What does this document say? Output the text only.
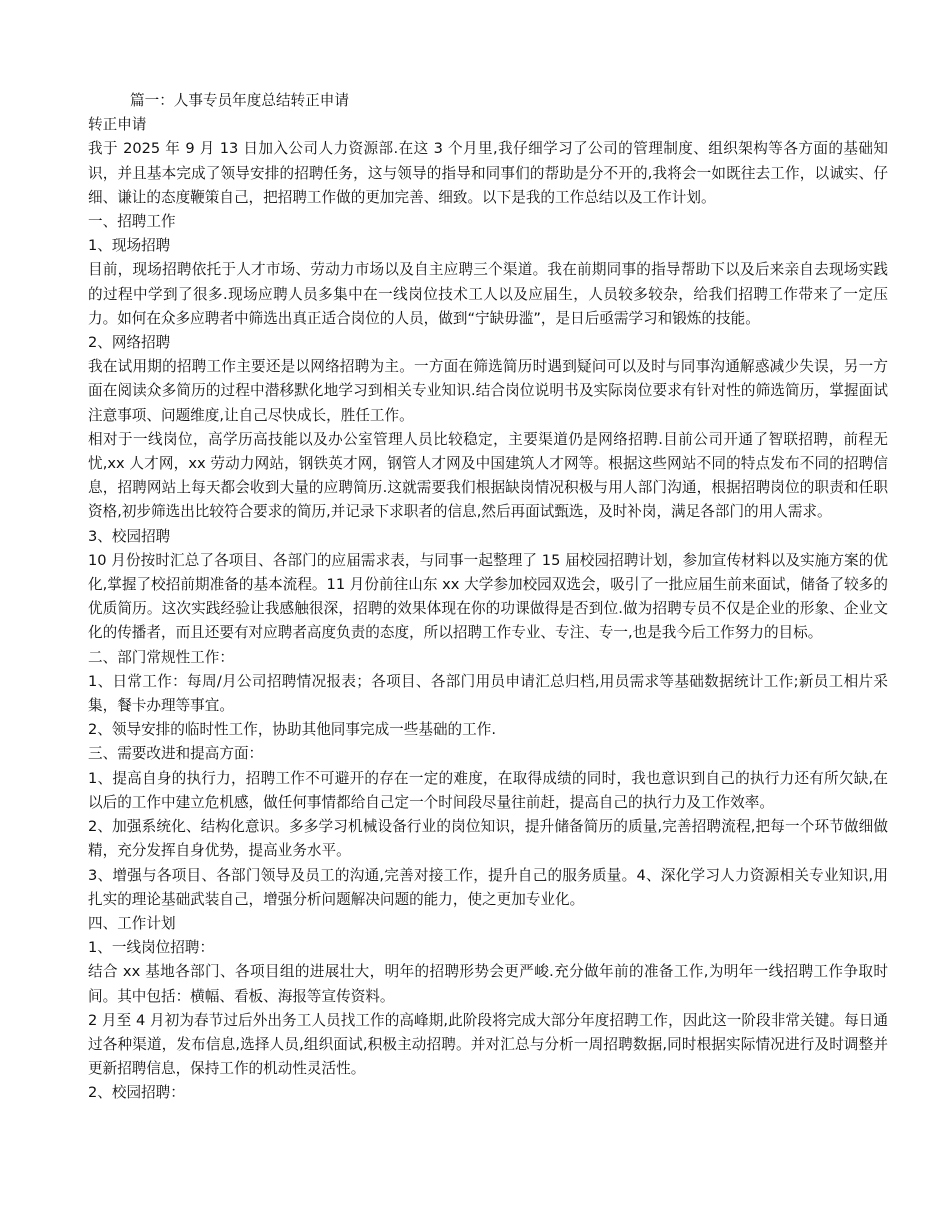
篇一：人事专员年度总结转正申请

转正申请

我于 2025 年 9 月 13 日加入公司人力资源部.在这 3 个月里,我仔细学习了公司的管理制度、组织架构等各方面的基础知识，并且基本完成了领导安排的招聘任务，这与领导的指导和同事们的帮助是分不开的,我将会一如既往去工作，以诚实、仔细、谦让的态度鞭策自己，把招聘工作做的更加完善、细致。以下是我的工作总结以及工作计划。

一、招聘工作

1、现场招聘

目前，现场招聘依托于人才市场、劳动力市场以及自主应聘三个渠道。我在前期同事的指导帮助下以及后来亲自去现场实践的过程中学到了很多.现场应聘人员多集中在一线岗位技术工人以及应届生，人员较多较杂，给我们招聘工作带来了一定压力。如何在众多应聘者中筛选出真正适合岗位的人员，做到“宁缺毋滥”，是日后亟需学习和锻炼的技能。

2、网络招聘

我在试用期的招聘工作主要还是以网络招聘为主。一方面在筛选简历时遇到疑问可以及时与同事沟通解惑减少失误，另一方面在阅读众多简历的过程中潜移默化地学习到相关专业知识.结合岗位说明书及实际岗位要求有针对性的筛选简历，掌握面试注意事项、问题维度,让自己尽快成长，胜任工作。

相对于一线岗位，高学历高技能以及办公室管理人员比较稳定，主要渠道仍是网络招聘.目前公司开通了智联招聘，前程无忧,xx 人才网，xx 劳动力网站，钢铁英才网，钢管人才网及中国建筑人才网等。根据这些网站不同的特点发布不同的招聘信息，招聘网站上每天都会收到大量的应聘简历.这就需要我们根据缺岗情况积极与用人部门沟通，根据招聘岗位的职责和任职资格,初步筛选出比较符合要求的简历,并记录下求职者的信息,然后再面试甄选，及时补岗，满足各部门的用人需求。

3、校园招聘

10 月份按时汇总了各项目、各部门的应届需求表，与同事一起整理了 15 届校园招聘计划，参加宣传材料以及实施方案的优化,掌握了校招前期准备的基本流程。11 月份前往山东 xx 大学参加校园双选会，吸引了一批应届生前来面试，储备了较多的优质简历。这次实践经验让我感触很深，招聘的效果体现在你的功课做得是否到位.做为招聘专员不仅是企业的形象、企业文化的传播者，而且还要有对应聘者高度负责的态度，所以招聘工作专业、专注、专一,也是我今后工作努力的目标。

二、部门常规性工作：

1、日常工作：每周/月公司招聘情况报表；各项目、各部门用员申请汇总归档,用员需求等基础数据统计工作;新员工相片采集，餐卡办理等事宜。

2、领导安排的临时性工作，协助其他同事完成一些基础的工作.

三、需要改进和提高方面：

1、提高自身的执行力，招聘工作不可避开的存在一定的难度，在取得成绩的同时，我也意识到自己的执行力还有所欠缺,在以后的工作中建立危机感，做任何事情都给自己定一个时间段尽量往前赶，提高自己的执行力及工作效率。

2、加强系统化、结构化意识。多多学习机械设备行业的岗位知识，提升储备简历的质量,完善招聘流程,把每一个环节做细做精，充分发挥自身优势，提高业务水平。

3、增强与各项目、各部门领导及员工的沟通,完善对接工作，提升自己的服务质量。4、深化学习人力资源相关专业知识,用扎实的理论基础武装自己，增强分析问题解决问题的能力，使之更加专业化。

四、工作计划

1、一线岗位招聘：

结合 xx 基地各部门、各项目组的进展壮大，明年的招聘形势会更严峻.充分做年前的准备工作,为明年一线招聘工作争取时间。其中包括：横幅、看板、海报等宣传资料。

2 月至 4 月初为春节过后外出务工人员找工作的高峰期,此阶段将完成大部分年度招聘工作，因此这一阶段非常关键。每日通过各种渠道，发布信息,选择人员,组织面试,积极主动招聘。并对汇总与分析一周招聘数据,同时根据实际情况进行及时调整并更新招聘信息，保持工作的机动性灵活性。

2、校园招聘：
